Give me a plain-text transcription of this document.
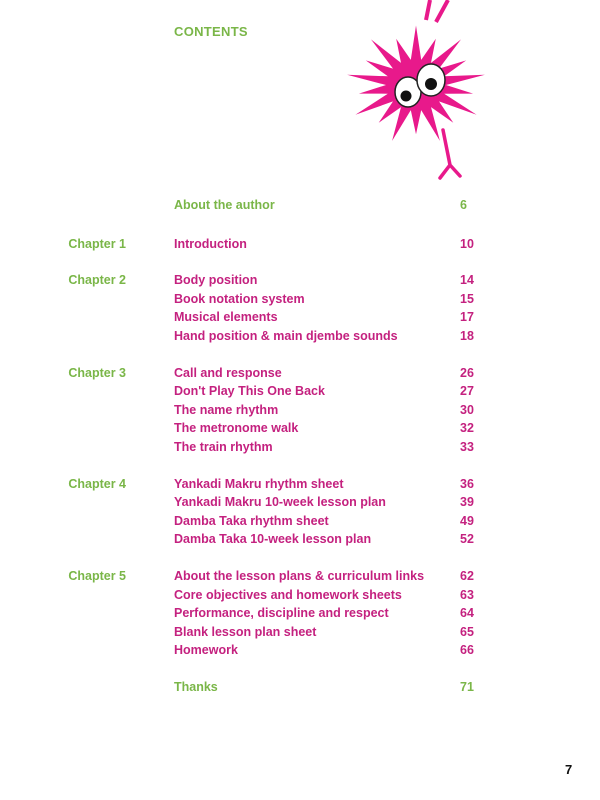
CONTENTS
About the author	6
Chapter 1	Introduction	10
Chapter 2	Body position	14
Book notation system	15
Musical elements	17
Hand position & main djembe sounds	18
Chapter 3	Call and response	26
Don't Play This One Back	27
The name rhythm	30
The metronome walk	32
The train rhythm	33
Chapter 4	Yankadi Makru rhythm sheet	36
Yankadi Makru 10-week lesson plan	39
Damba Taka rhythm sheet	49
Damba Taka 10-week lesson plan	52
Chapter 5	About the lesson plans & curriculum links	62
Core objectives and homework sheets	63
Performance, discipline and respect	64
Blank lesson plan sheet	65
Homework	66
Thanks	71
7
